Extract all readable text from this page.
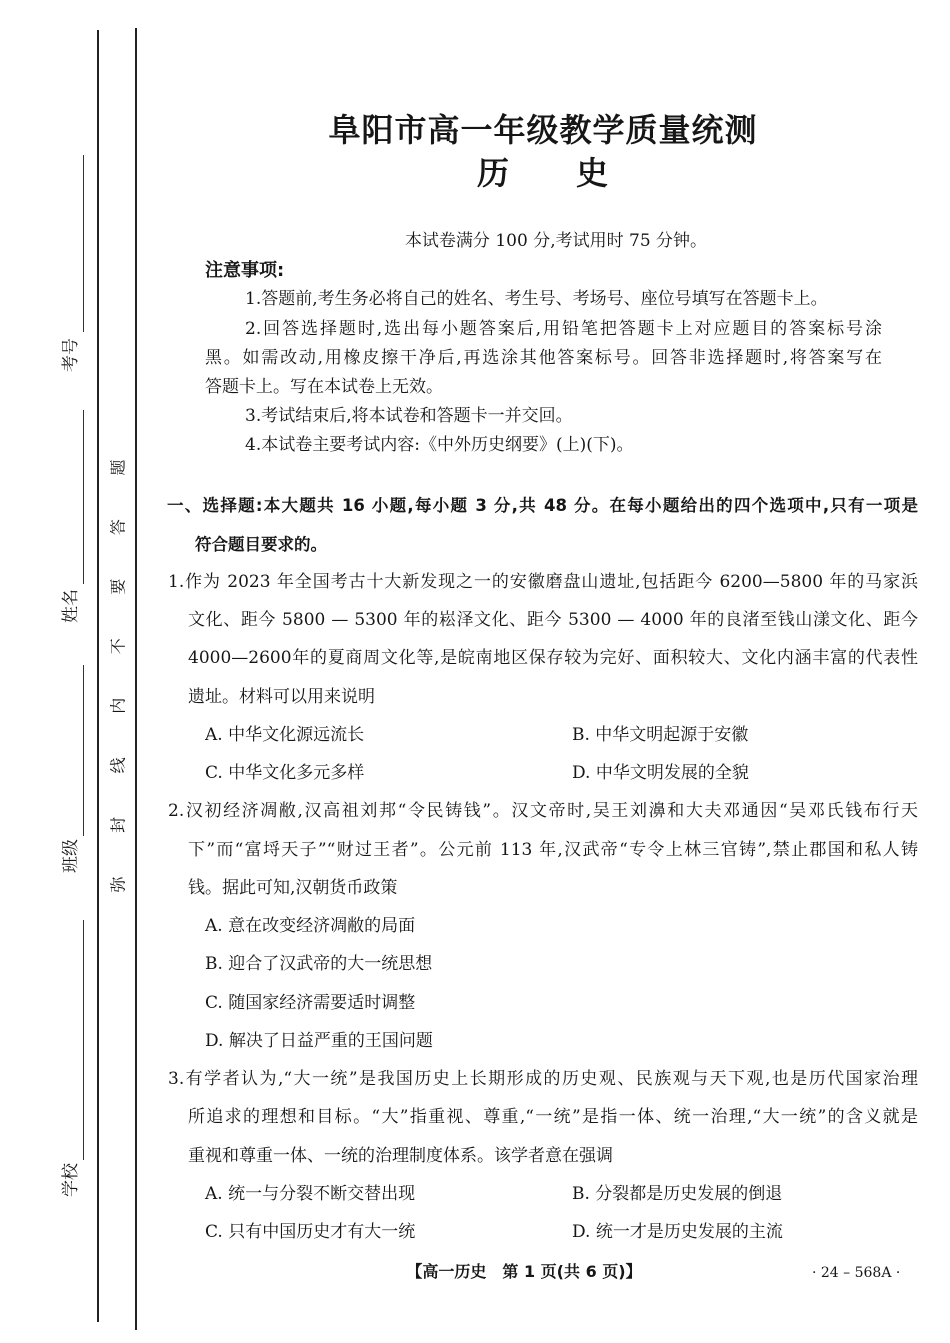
考号
姓名
班级
学校
弥封线内不要答题
阜阳市高一年级教学质量统测
历　　史
本试卷满分 100 分,考试用时 75 分钟。
注意事项:
1.答题前,考生务必将自己的姓名、考生号、考场号、座位号填写在答题卡上。
2.回答选择题时,选出每小题答案后,用铅笔把答题卡上对应题目的答案标号涂
黑。如需改动,用橡皮擦干净后,再选涂其他答案标号。回答非选择题时,将答案写在
答题卡上。写在本试卷上无效。
3.考试结束后,将本试卷和答题卡一并交回。
4.本试卷主要考试内容:《中外历史纲要》(上)(下)。
一、选择题:本大题共 16 小题,每小题 3 分,共 48 分。在每小题给出的四个选项中,只有一项是
符合题目要求的。
1.作为 2023 年全国考古十大新发现之一的安徽磨盘山遗址,包括距今 6200—5800 年的马家浜
文化、距今 5800 — 5300 年的崧泽文化、距今 5300 — 4000 年的良渚至钱山漾文化、距今
4000—2600年的夏商周文化等,是皖南地区保存较为完好、面积较大、文化内涵丰富的代表性
遗址。材料可以用来说明
A. 中华文化源远流长	B. 中华文明起源于安徽
C. 中华文化多元多样	D. 中华文明发展的全貌
2.汉初经济凋敝,汉高祖刘邦“令民铸钱”。汉文帝时,吴王刘濞和大夫邓通因“吴邓氏钱布行天
下”而“富埒天子”“财过王者”。公元前 113 年,汉武帝“专令上林三官铸”,禁止郡国和私人铸
钱。据此可知,汉朝货币政策
A. 意在改变经济凋敝的局面
B. 迎合了汉武帝的大一统思想
C. 随国家经济需要适时调整
D. 解决了日益严重的王国问题
3.有学者认为,“大一统”是我国历史上长期形成的历史观、民族观与天下观,也是历代国家治理
所追求的理想和目标。“大”指重视、尊重,“一统”是指一体、统一治理,“大一统”的含义就是
重视和尊重一体、一统的治理制度体系。该学者意在强调
A. 统一与分裂不断交替出现	B. 分裂都是历史发展的倒退
C. 只有中国历史才有大一统	D. 统一才是历史发展的主流
【高一历史　第 1 页(共 6 页)】	· 24 – 568A ·
